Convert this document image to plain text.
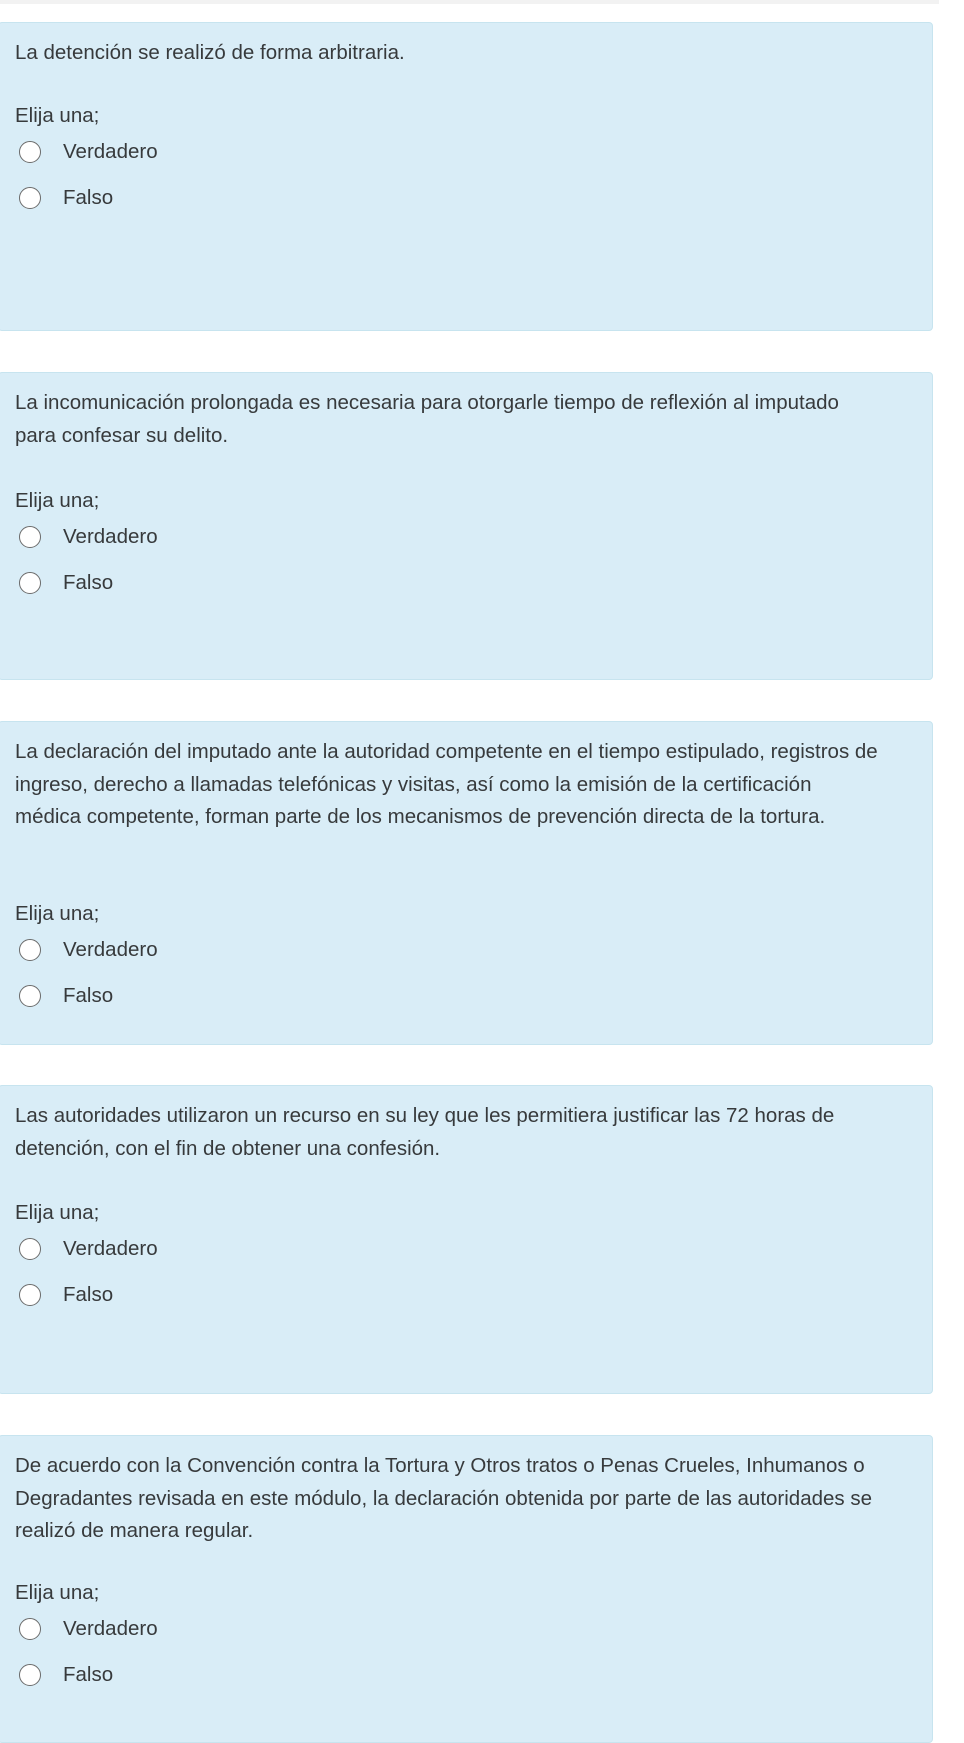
La detención se realizó de forma arbitraria.

Elija una;

Verdadero
Falso

La incomunicación prolongada es necesaria para otorgarle tiempo de reflexión al imputado para confesar su delito.

Elija una;

Verdadero
Falso

La declaración del imputado ante la autoridad competente en el tiempo estipulado, registros de ingreso, derecho a llamadas telefónicas y visitas, así como la emisión de la certificación médica competente, forman parte de los mecanismos de prevención directa de la tortura.

Elija una;

Verdadero
Falso

Las autoridades utilizaron un recurso en su ley que les permitiera justificar las 72 horas de detención, con el fin de obtener una confesión.

Elija una;

Verdadero
Falso

De acuerdo con la Convención contra la Tortura y Otros tratos o Penas Crueles, Inhumanos o Degradantes revisada en este módulo, la declaración obtenida por parte de las autoridades se realizó de manera regular.

Elija una;

Verdadero
Falso
